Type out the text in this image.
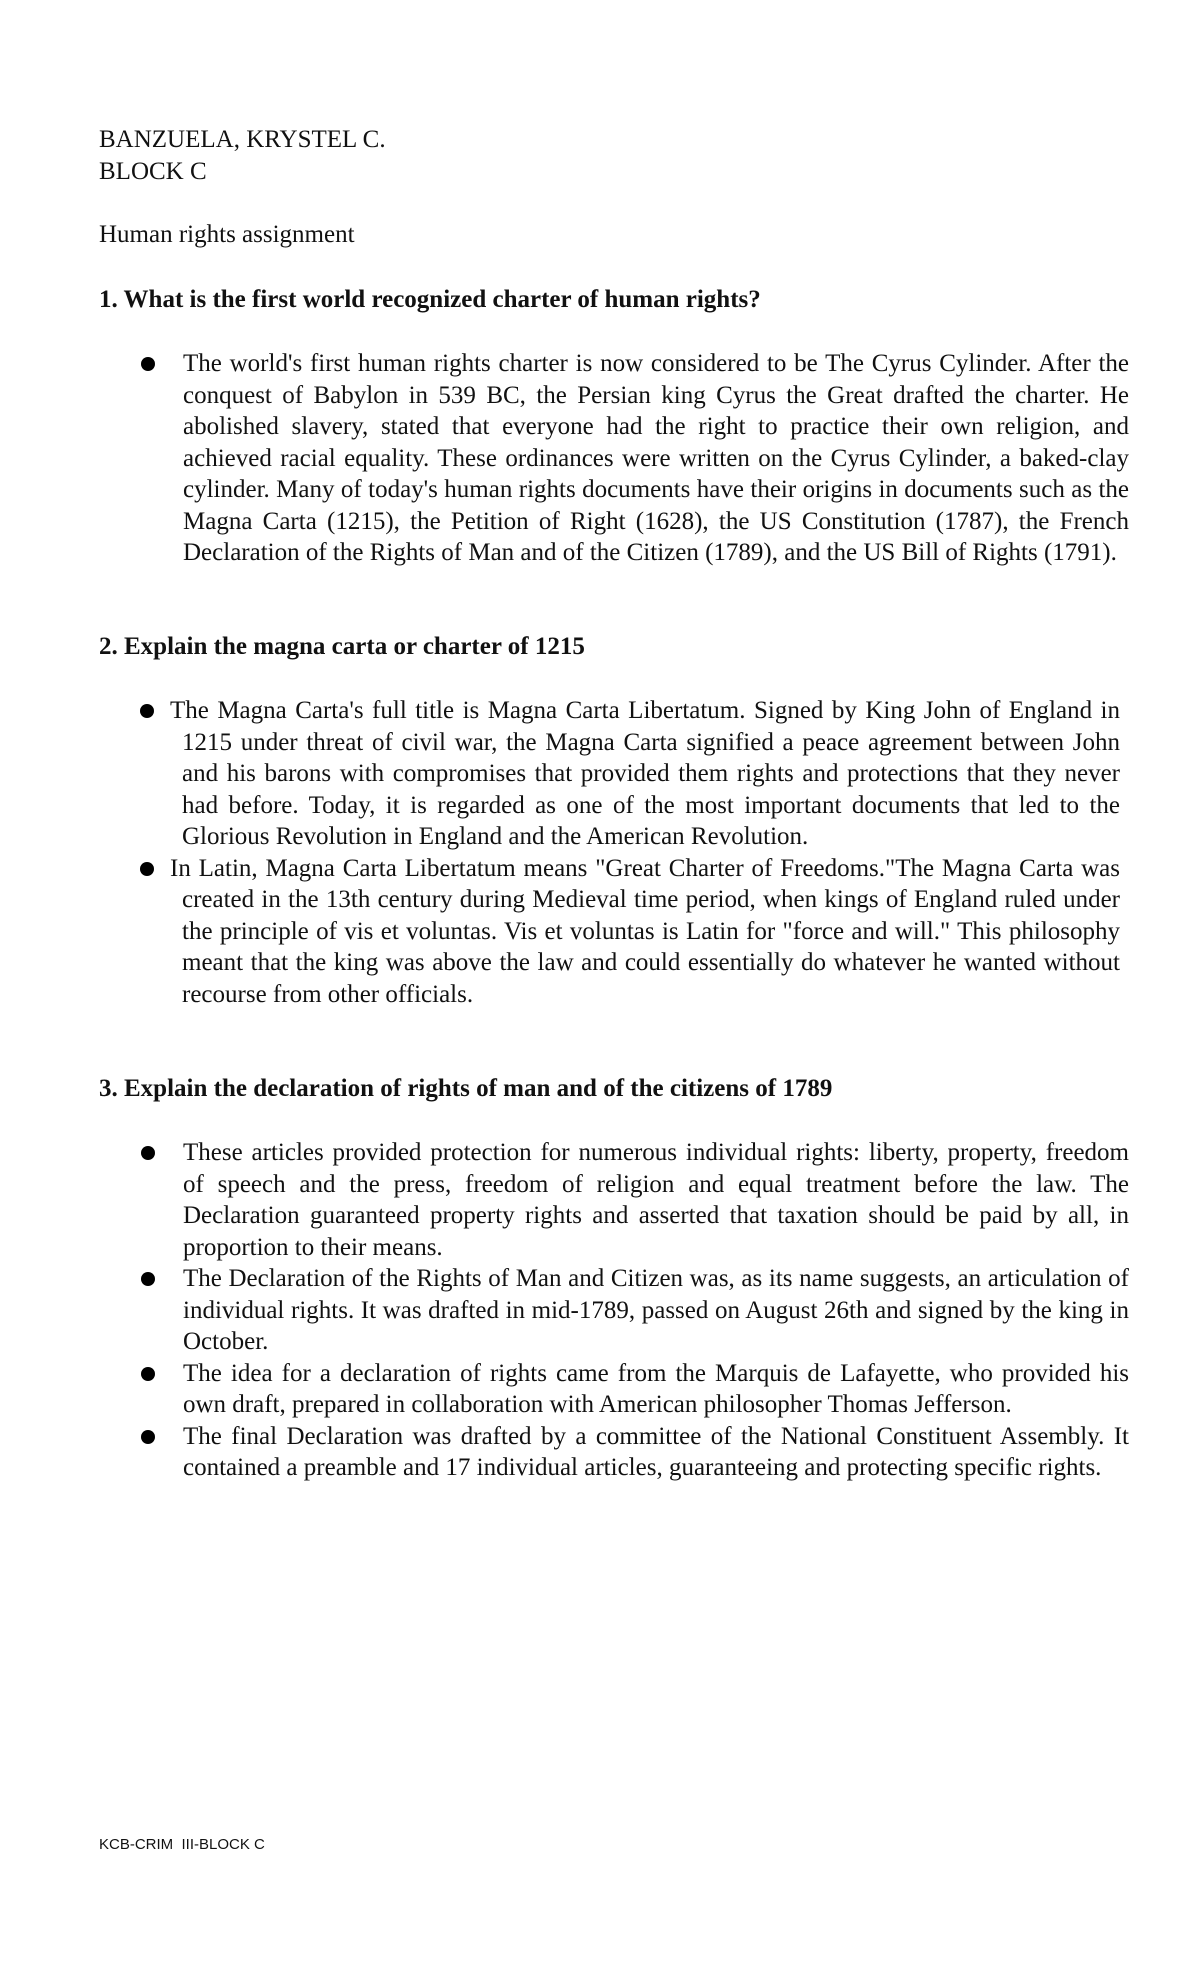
BANZUELA, KRYSTEL C.
BLOCK C
Human rights assignment
1. What is the first world recognized charter of human rights?
The world's first human rights charter is now considered to be The Cyrus Cylinder. After the conquest of Babylon in 539 BC, the Persian king Cyrus the Great drafted the charter. He abolished slavery, stated that everyone had the right to practice their own religion, and achieved racial equality. These ordinances were written on the Cyrus Cylinder, a baked-clay cylinder. Many of today's human rights documents have their origins in documents such as the Magna Carta (1215), the Petition of Right (1628), the US Constitution (1787), the French Declaration of the Rights of Man and of the Citizen (1789), and the US Bill of Rights (1791).
2. Explain the magna carta or charter of 1215
The Magna Carta's full title is Magna Carta Libertatum. Signed by King John of England in 1215 under threat of civil war, the Magna Carta signified a peace agreement between John and his barons with compromises that provided them rights and protections that they never had before. Today, it is regarded as one of the most important documents that led to the Glorious Revolution in England and the American Revolution.
In Latin, Magna Carta Libertatum means "Great Charter of Freedoms."The Magna Carta was created in the 13th century during Medieval time period, when kings of England ruled under the principle of vis et voluntas. Vis et voluntas is Latin for "force and will." This philosophy meant that the king was above the law and could essentially do whatever he wanted without recourse from other officials.
3. Explain the declaration of rights of man and of the citizens of 1789
These articles provided protection for numerous individual rights: liberty, property, freedom of speech and the press, freedom of religion and equal treatment before the law. The Declaration guaranteed property rights and asserted that taxation should be paid by all, in proportion to their means.
The Declaration of the Rights of Man and Citizen was, as its name suggests, an articulation of individual rights. It was drafted in mid-1789, passed on August 26th and signed by the king in October.
The idea for a declaration of rights came from the Marquis de Lafayette, who provided his own draft, prepared in collaboration with American philosopher Thomas Jefferson.
The final Declaration was drafted by a committee of the National Constituent Assembly. It contained a preamble and 17 individual articles, guaranteeing and protecting specific rights.
KCB-CRIM  III-BLOCK C
